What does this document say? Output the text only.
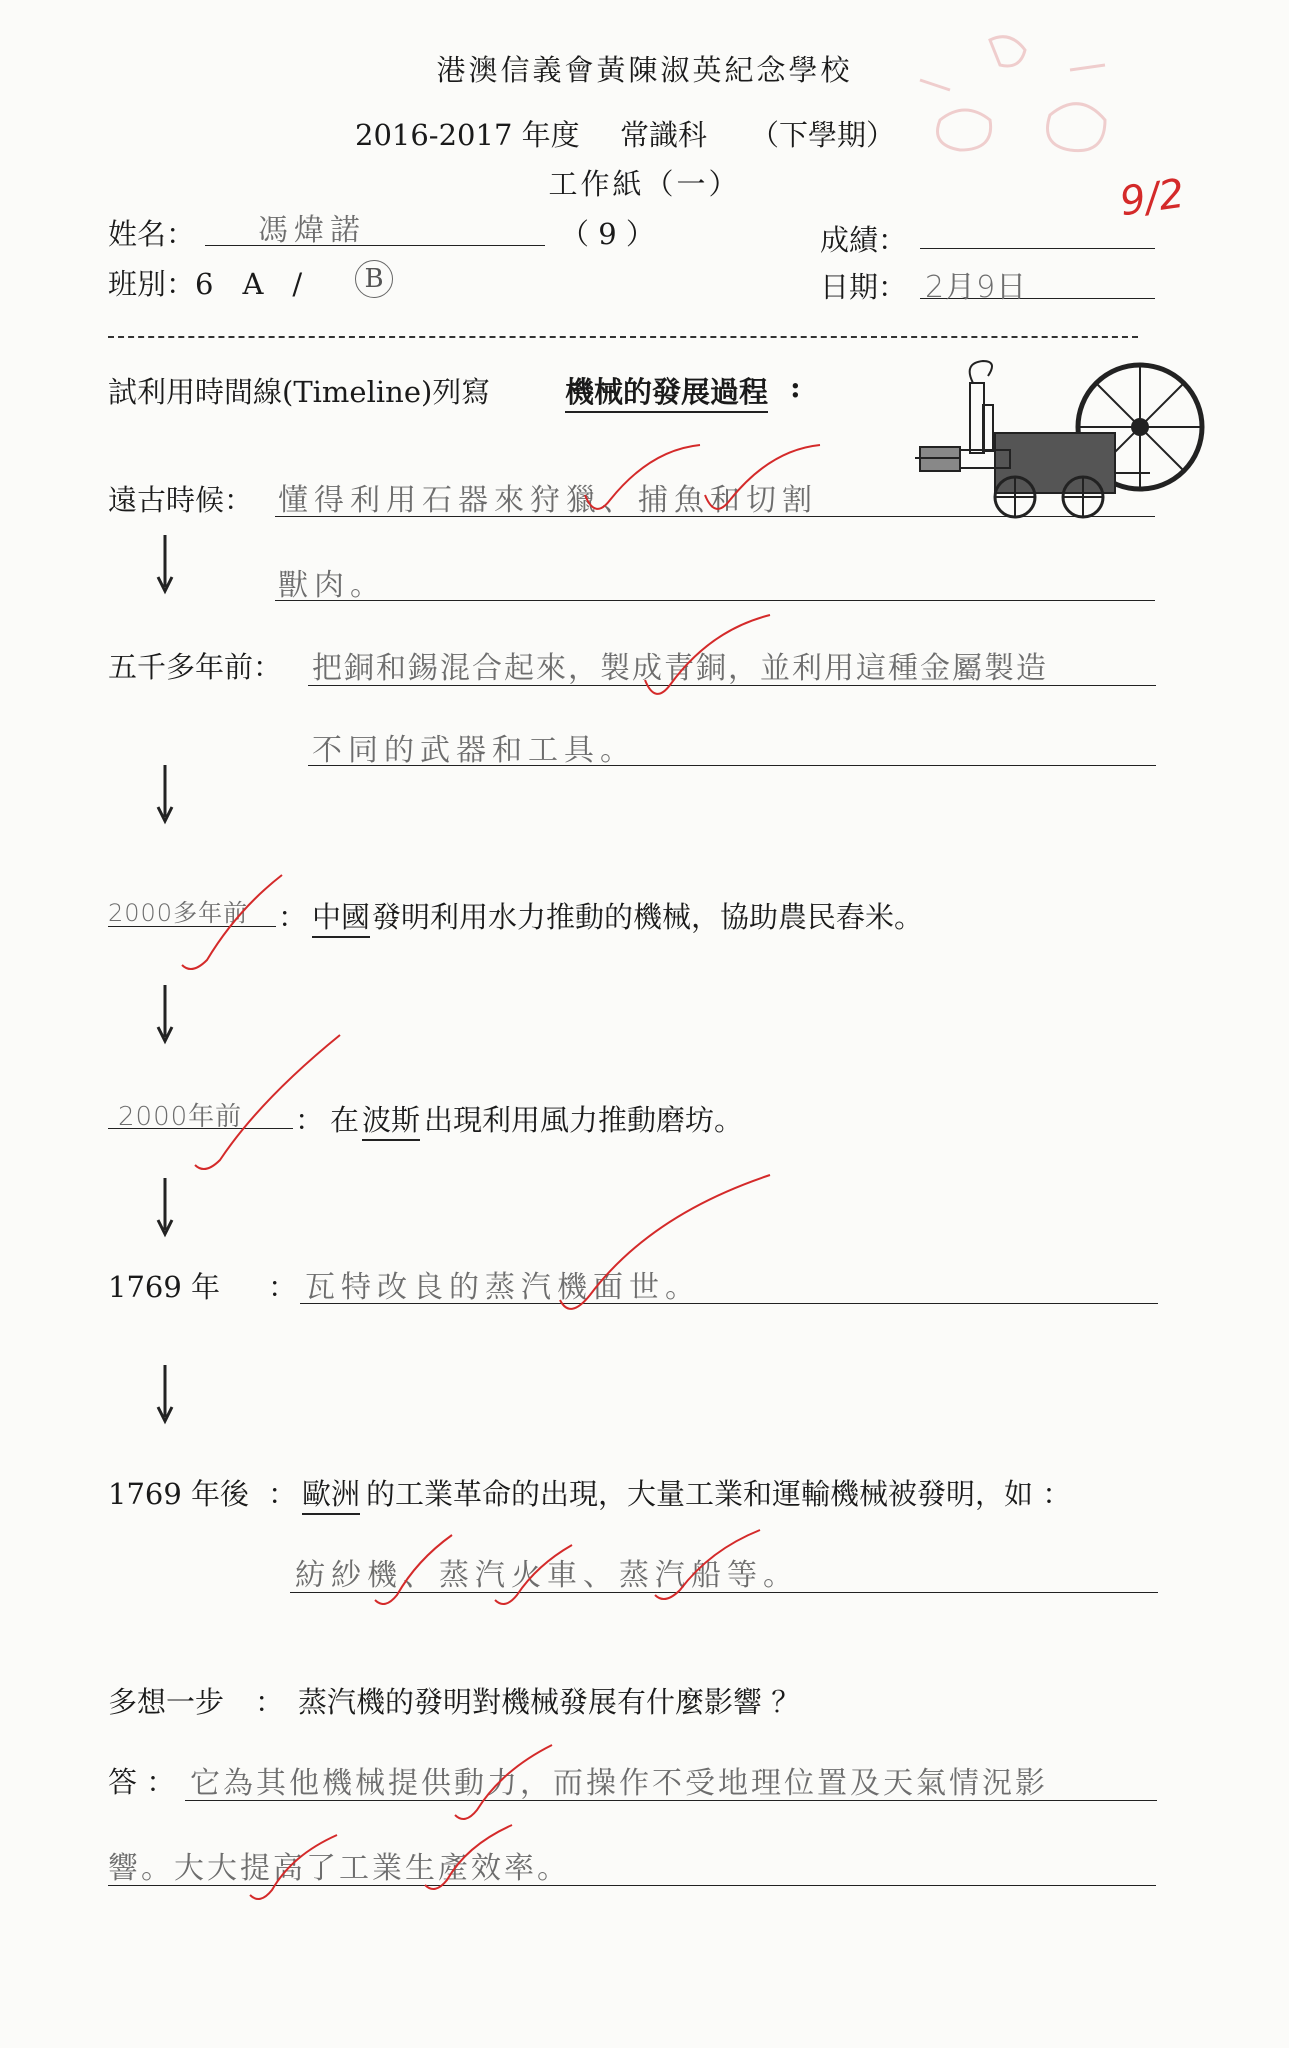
港澳信義會黃陳淑英紀念學校
2016-2017 年度 常識科 （下學期）
工作紙（一）	9/2
姓名： 馮煒諾	（ 9 ）	成績：
班別：6　A　/	B	日期： 2月9日
試利用時間線(Timeline)列寫	機械的發展過程 :
遠古時候： 懂得利用石器來狩獵、捕魚和切割
獸肉。
五千多年前： 把銅和錫混合起來，製成青銅，並利用這種金屬製造
不同的武器和工具。
2000多年前 ： 中國 發明利用水力推動的機械，協助農民舂米。
2000年前 ： 在 波斯 出現利用風力推動磨坊。
1769 年 ： 瓦特改良的蒸汽機面世。
1769 年後 ： 歐洲 的工業革命的出現，大量工業和運輸機械被發明，如 ：
紡紗機、蒸汽火車、蒸汽船等。
多想一步 ： 蒸汽機的發明對機械發展有什麼影響 ？
答 ： 它為其他機械提供動力，而操作不受地理位置及天氣情況影
響。大大提高了工業生產效率。
